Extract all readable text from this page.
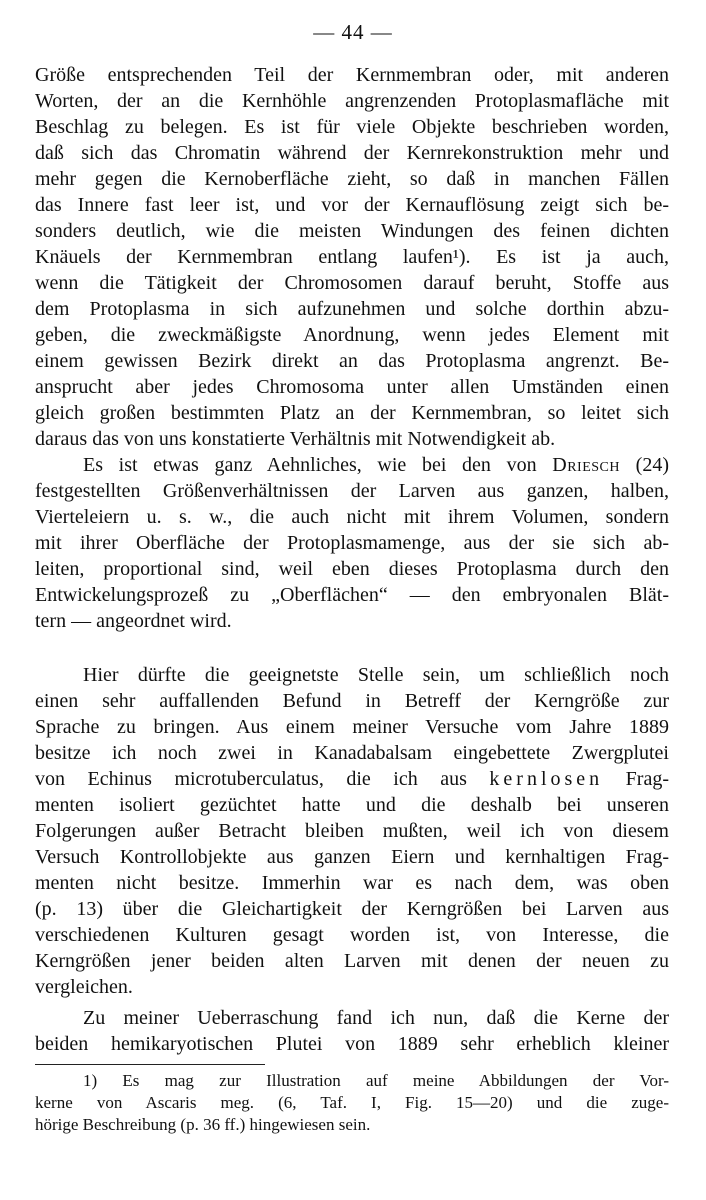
— 44 —
Größe entsprechenden Teil der Kernmembran oder, mit anderen
Worten, der an die Kernhöhle angrenzenden Protoplasmafläche mit
Beschlag zu belegen. Es ist für viele Objekte beschrieben worden,
daß sich das Chromatin während der Kernrekonstruktion mehr und
mehr gegen die Kernoberfläche zieht, so daß in manchen Fällen
das Innere fast leer ist, und vor der Kernauflösung zeigt sich be-
sonders deutlich, wie die meisten Windungen des feinen dichten
Knäuels der Kernmembran entlang laufen¹). Es ist ja auch,
wenn die Tätigkeit der Chromosomen darauf beruht, Stoffe aus
dem Protoplasma in sich aufzunehmen und solche dorthin abzu-
geben, die zweckmäßigste Anordnung, wenn jedes Element mit
einem gewissen Bezirk direkt an das Protoplasma angrenzt. Be-
ansprucht aber jedes Chromosoma unter allen Umständen einen
gleich großen bestimmten Platz an der Kernmembran, so leitet sich
daraus das von uns konstatierte Verhältnis mit Notwendigkeit ab.
Es ist etwas ganz Aehnliches, wie bei den von Driesch (24)
festgestellten Größenverhältnissen der Larven aus ganzen, halben,
Vierteleiern u. s. w., die auch nicht mit ihrem Volumen, sondern
mit ihrer Oberfläche der Protoplasmamenge, aus der sie sich ab-
leiten, proportional sind, weil eben dieses Protoplasma durch den
Entwickelungsprozeß zu „Oberflächen“ — den embryonalen Blät-
tern — angeordnet wird.
Hier dürfte die geeignetste Stelle sein, um schließlich noch
einen sehr auffallenden Befund in Betreff der Kerngröße zur
Sprache zu bringen. Aus einem meiner Versuche vom Jahre 1889
besitze ich noch zwei in Kanadabalsam eingebettete Zwergplutei
von Echinus microtuberculatus, die ich aus kernlosen Frag-
menten isoliert gezüchtet hatte und die deshalb bei unseren
Folgerungen außer Betracht bleiben mußten, weil ich von diesem
Versuch Kontrollobjekte aus ganzen Eiern und kernhaltigen Frag-
menten nicht besitze. Immerhin war es nach dem, was oben
(p. 13) über die Gleichartigkeit der Kerngrößen bei Larven aus
verschiedenen Kulturen gesagt worden ist, von Interesse, die
Kerngrößen jener beiden alten Larven mit denen der neuen zu
vergleichen.
Zu meiner Ueberraschung fand ich nun, daß die Kerne der
beiden hemikaryotischen Plutei von 1889 sehr erheblich kleiner
1) Es mag zur Illustration auf meine Abbildungen der Vor-
kerne von Ascaris meg. (6, Taf. I, Fig. 15—20) und die zuge-
hörige Beschreibung (p. 36 ff.) hingewiesen sein.
